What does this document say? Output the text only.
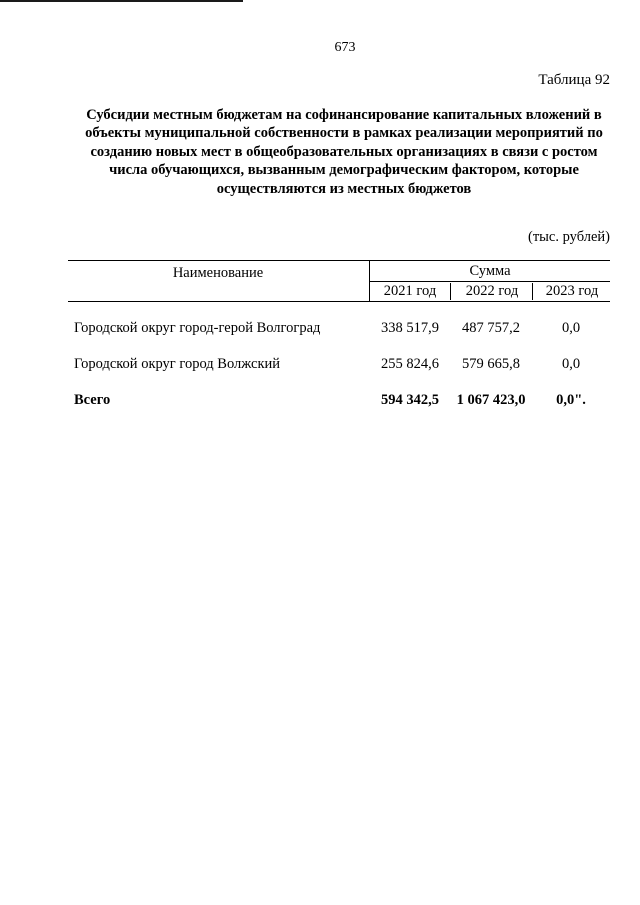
673
Таблица 92
Субсидии местным бюджетам на софинансирование капитальных вложений в объекты муниципальной собственности в рамках реализации мероприятий по созданию новых мест в общеобразовательных организациях в связи с ростом числа обучающихся, вызванным демографическим фактором, которые осуществляются из местных бюджетов
(тыс. рублей)
Наименование	Сумма
2021 год	2022 год	2023 год
Городской округ город-герой Волгоград	338 517,9	487 757,2	0,0
Городской округ город Волжский	255 824,6	579 665,8	0,0
Всего	594 342,5	1 067 423,0	0,0".
